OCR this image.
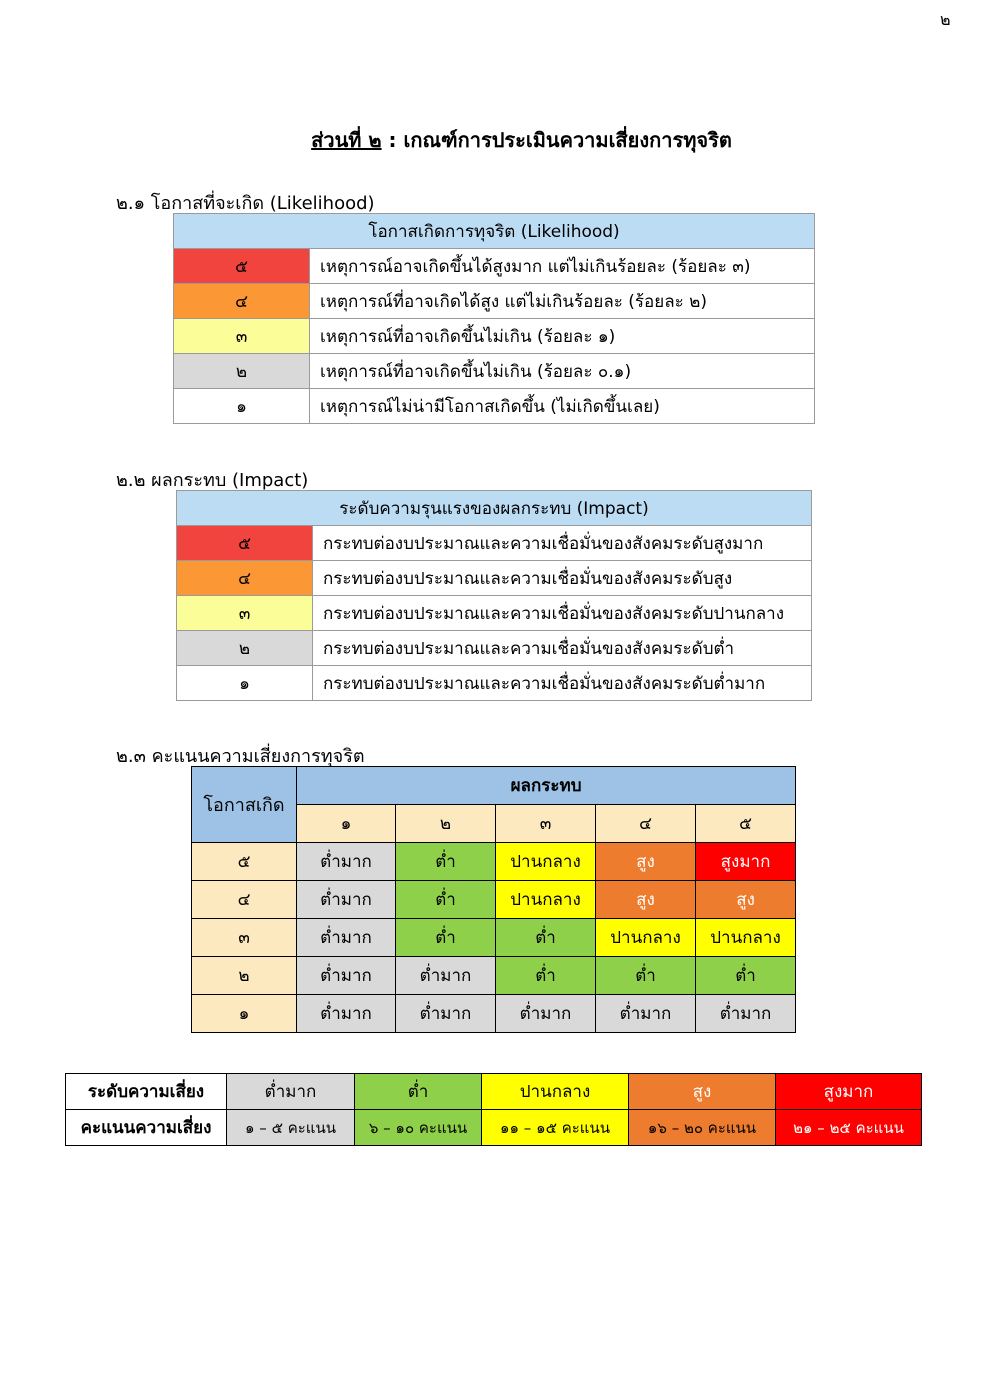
๒
ส่วนที่ ๒ : เกณฑ์การประเมินความเสี่ยงการทุจริต
๒.๑ โอกาสที่จะเกิด (Likelihood)
โอกาสเกิดการทุจริต (Likelihood)	
๕	เหตุการณ์อาจเกิดขึ้นได้สูงมาก แต่ไม่เกินร้อยละ (ร้อยละ ๓)
๔	เหตุการณ์ที่อาจเกิดได้สูง แต่ไม่เกินร้อยละ (ร้อยละ ๒)
๓	เหตุการณ์ที่อาจเกิดขึ้นไม่เกิน (ร้อยละ ๑)
๒	เหตุการณ์ที่อาจเกิดขึ้นไม่เกิน (ร้อยละ ๐.๑)
๑	เหตุการณ์ไม่น่ามีโอกาสเกิดขึ้น (ไม่เกิดขึ้นเลย)
๒.๒ ผลกระทบ (Impact)
ระดับความรุนแรงของผลกระทบ (Impact)	
๕	กระทบต่องบประมาณและความเชื่อมั่นของสังคมระดับสูงมาก
๔	กระทบต่องบประมาณและความเชื่อมั่นของสังคมระดับสูง
๓	กระทบต่องบประมาณและความเชื่อมั่นของสังคมระดับปานกลาง
๒	กระทบต่องบประมาณและความเชื่อมั่นของสังคมระดับต่ำ
๑	กระทบต่องบประมาณและความเชื่อมั่นของสังคมระดับต่ำมาก
๒.๓ คะแนนความเสี่ยงการทุจริต
โอกาสเกิด	ผลกระทบ				
	๑	๒	๓	๔	๕
๕	ต่ำมาก	ต่ำ	ปานกลาง	สูง	สูงมาก
๔	ต่ำมาก	ต่ำ	ปานกลาง	สูง	สูง
๓	ต่ำมาก	ต่ำ	ต่ำ	ปานกลาง	ปานกลาง
๒	ต่ำมาก	ต่ำมาก	ต่ำ	ต่ำ	ต่ำ
๑	ต่ำมาก	ต่ำมาก	ต่ำมาก	ต่ำมาก	ต่ำมาก
ระดับความเสี่ยง	ต่ำมาก	ต่ำ	ปานกลาง	สูง	สูงมาก
คะแนนความเสี่ยง	๑ – ๕ คะแนน	๖ – ๑๐ คะแนน	๑๑ – ๑๕ คะแนน	๑๖ – ๒๐ คะแนน	๒๑ – ๒๕ คะแนน
